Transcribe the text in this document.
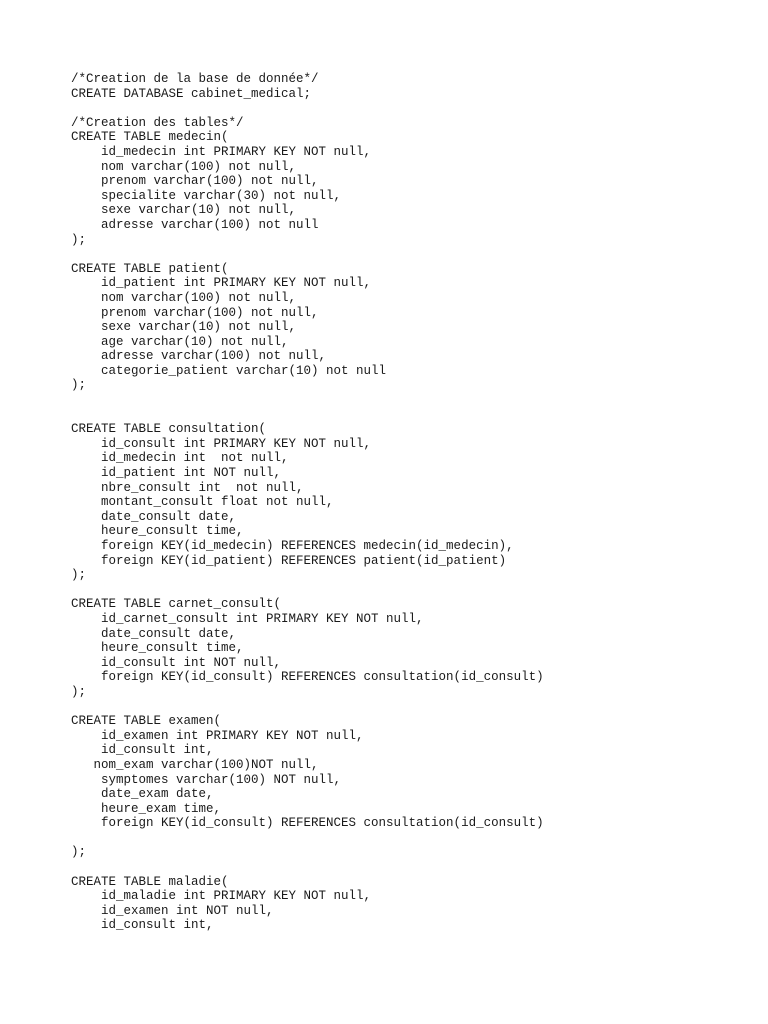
/*Creation de la base de donnée*/
CREATE DATABASE cabinet_medical;
/*Creation des tables*/
CREATE TABLE medecin(
id_medecin int PRIMARY KEY NOT null,
nom varchar(100) not null,
prenom varchar(100) not null,
specialite varchar(30) not null,
sexe varchar(10) not null,
adresse varchar(100) not null
);
CREATE TABLE patient(
id_patient int PRIMARY KEY NOT null,
nom varchar(100) not null,
prenom varchar(100) not null,
sexe varchar(10) not null,
age varchar(10) not null,
adresse varchar(100) not null,
categorie_patient varchar(10) not null
);
CREATE TABLE consultation(
id_consult int PRIMARY KEY NOT null,
id_medecin int  not null,
id_patient int NOT null,
nbre_consult int  not null,
montant_consult float not null,
date_consult date,
heure_consult time,
foreign KEY(id_medecin) REFERENCES medecin(id_medecin),
foreign KEY(id_patient) REFERENCES patient(id_patient)
);
CREATE TABLE carnet_consult(
id_carnet_consult int PRIMARY KEY NOT null,
date_consult date,
heure_consult time,
id_consult int NOT null,
foreign KEY(id_consult) REFERENCES consultation(id_consult)
);
CREATE TABLE examen(
id_examen int PRIMARY KEY NOT null,
id_consult int,
nom_exam varchar(100)NOT null,
symptomes varchar(100) NOT null,
date_exam date,
heure_exam time,
foreign KEY(id_consult) REFERENCES consultation(id_consult)
);
CREATE TABLE maladie(
id_maladie int PRIMARY KEY NOT null,
id_examen int NOT null,
id_consult int,
